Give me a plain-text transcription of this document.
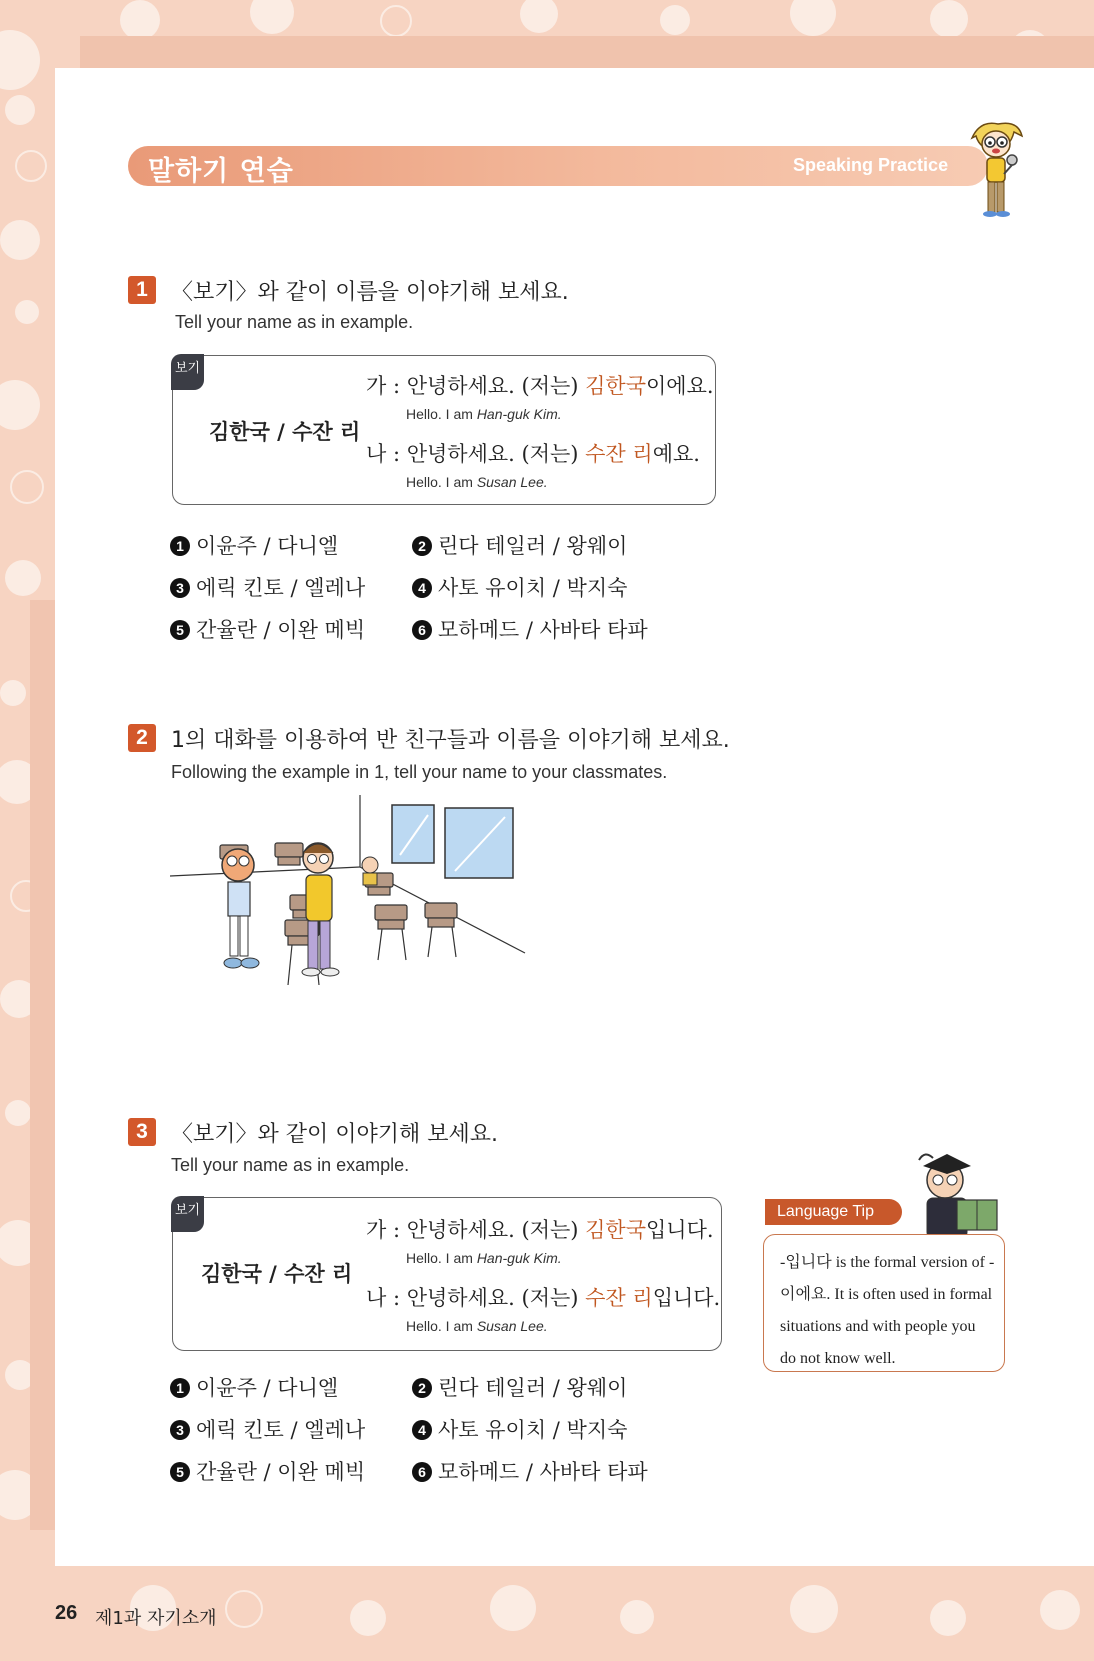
말하기 연습	Speaking Practice
1	〈보기〉와 같이 이름을 이야기해 보세요.
Tell your name as in example.
보기
김한국 / 수잔 리
가 : 안녕하세요. (저는) 김한국이에요.
Hello. I am Han-guk Kim.
나 : 안녕하세요. (저는) 수잔 리예요.
Hello. I am Susan Lee.
1 이윤주 / 다니엘	2 린다 테일러 / 왕웨이
3 에릭 킨토 / 엘레나	4 사토 유이치 / 박지숙
5 간율란 / 이완 메빅	6 모하메드 / 사바타 타파
2	1의 대화를 이용하여 반 친구들과 이름을 이야기해 보세요.
Following the example in 1, tell your name to your classmates.
3	〈보기〉와 같이 이야기해 보세요.
Tell your name as in example.
보기
김한국 / 수잔 리
가 : 안녕하세요. (저는) 김한국입니다.
Hello. I am Han-guk Kim.
나 : 안녕하세요. (저는) 수잔 리입니다.
Hello. I am Susan Lee.
1 이윤주 / 다니엘	2 린다 테일러 / 왕웨이
3 에릭 킨토 / 엘레나	4 사토 유이치 / 박지숙
5 간율란 / 이완 메빅	6 모하메드 / 사바타 타파
Language Tip
-입니다 is the formal version of -이에요. It is often used in formal situations and with people you do not know well.
26 제1과 자기소개
